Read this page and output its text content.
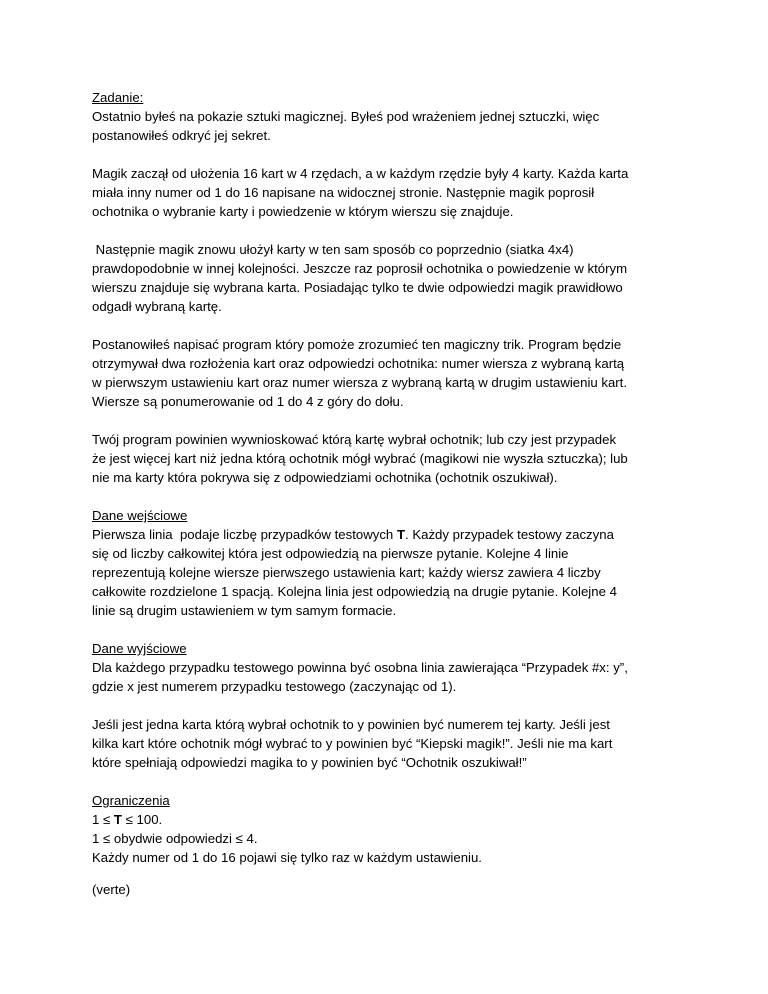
Zadanie:
Ostatnio byłeś na pokazie sztuki magicznej. Byłeś pod wrażeniem jednej sztuczki, więc
postanowiłeś odkryć jej sekret.

Magik zaczął od ułożenia 16 kart w 4 rzędach, a w każdym rzędzie były 4 karty. Każda karta
miała inny numer od 1 do 16 napisane na widocznej stronie. Następnie magik poprosił
ochotnika o wybranie karty i powiedzenie w którym wierszu się znajduje.

Następnie magik znowu ułożył karty w ten sam sposób co poprzednio (siatka 4x4)
prawdopodobnie w innej kolejności. Jeszcze raz poprosił ochotnika o powiedzenie w którym
wierszu znajduje się wybrana karta. Posiadając tylko te dwie odpowiedzi magik prawidłowo
odgadł wybraną kartę.

Postanowiłeś napisać program który pomoże zrozumieć ten magiczny trik. Program będzie
otrzymywał dwa rozłożenia kart oraz odpowiedzi ochotnika: numer wiersza z wybraną kartą
w pierwszym ustawieniu kart oraz numer wiersza z wybraną kartą w drugim ustawieniu kart.
Wiersze są ponumerowanie od 1 do 4 z góry do dołu.

Twój program powinien wywnioskować którą kartę wybrał ochotnik; lub czy jest przypadek
że jest więcej kart niż jedna którą ochotnik mógł wybrać (magikowi nie wyszła sztuczka); lub
nie ma karty która pokrywa się z odpowiedziami ochotnika (ochotnik oszukiwał).

Dane wejściowe
Pierwsza linia  podaje liczbę przypadków testowych T. Każdy przypadek testowy zaczyna
się od liczby całkowitej która jest odpowiedzią na pierwsze pytanie. Kolejne 4 linie
reprezentują kolejne wiersze pierwszego ustawienia kart; każdy wiersz zawiera 4 liczby
całkowite rozdzielone 1 spacją. Kolejna linia jest odpowiedzią na drugie pytanie. Kolejne 4
linie są drugim ustawieniem w tym samym formacie.

Dane wyjściowe
Dla każdego przypadku testowego powinna być osobna linia zawierająca “Przypadek #x: y”,
gdzie x jest numerem przypadku testowego (zaczynając od 1).

Jeśli jest jedna karta którą wybrał ochotnik to y powinien być numerem tej karty. Jeśli jest
kilka kart które ochotnik mógł wybrać to y powinien być “Kiepski magik!”. Jeśli nie ma kart
które spełniają odpowiedzi magika to y powinien być “Ochotnik oszukiwał!”

Ograniczenia
1 ≤ T ≤ 100.
1 ≤ obydwie odpowiedzi ≤ 4.
Każdy numer od 1 do 16 pojawi się tylko raz w każdym ustawieniu.

(verte)
